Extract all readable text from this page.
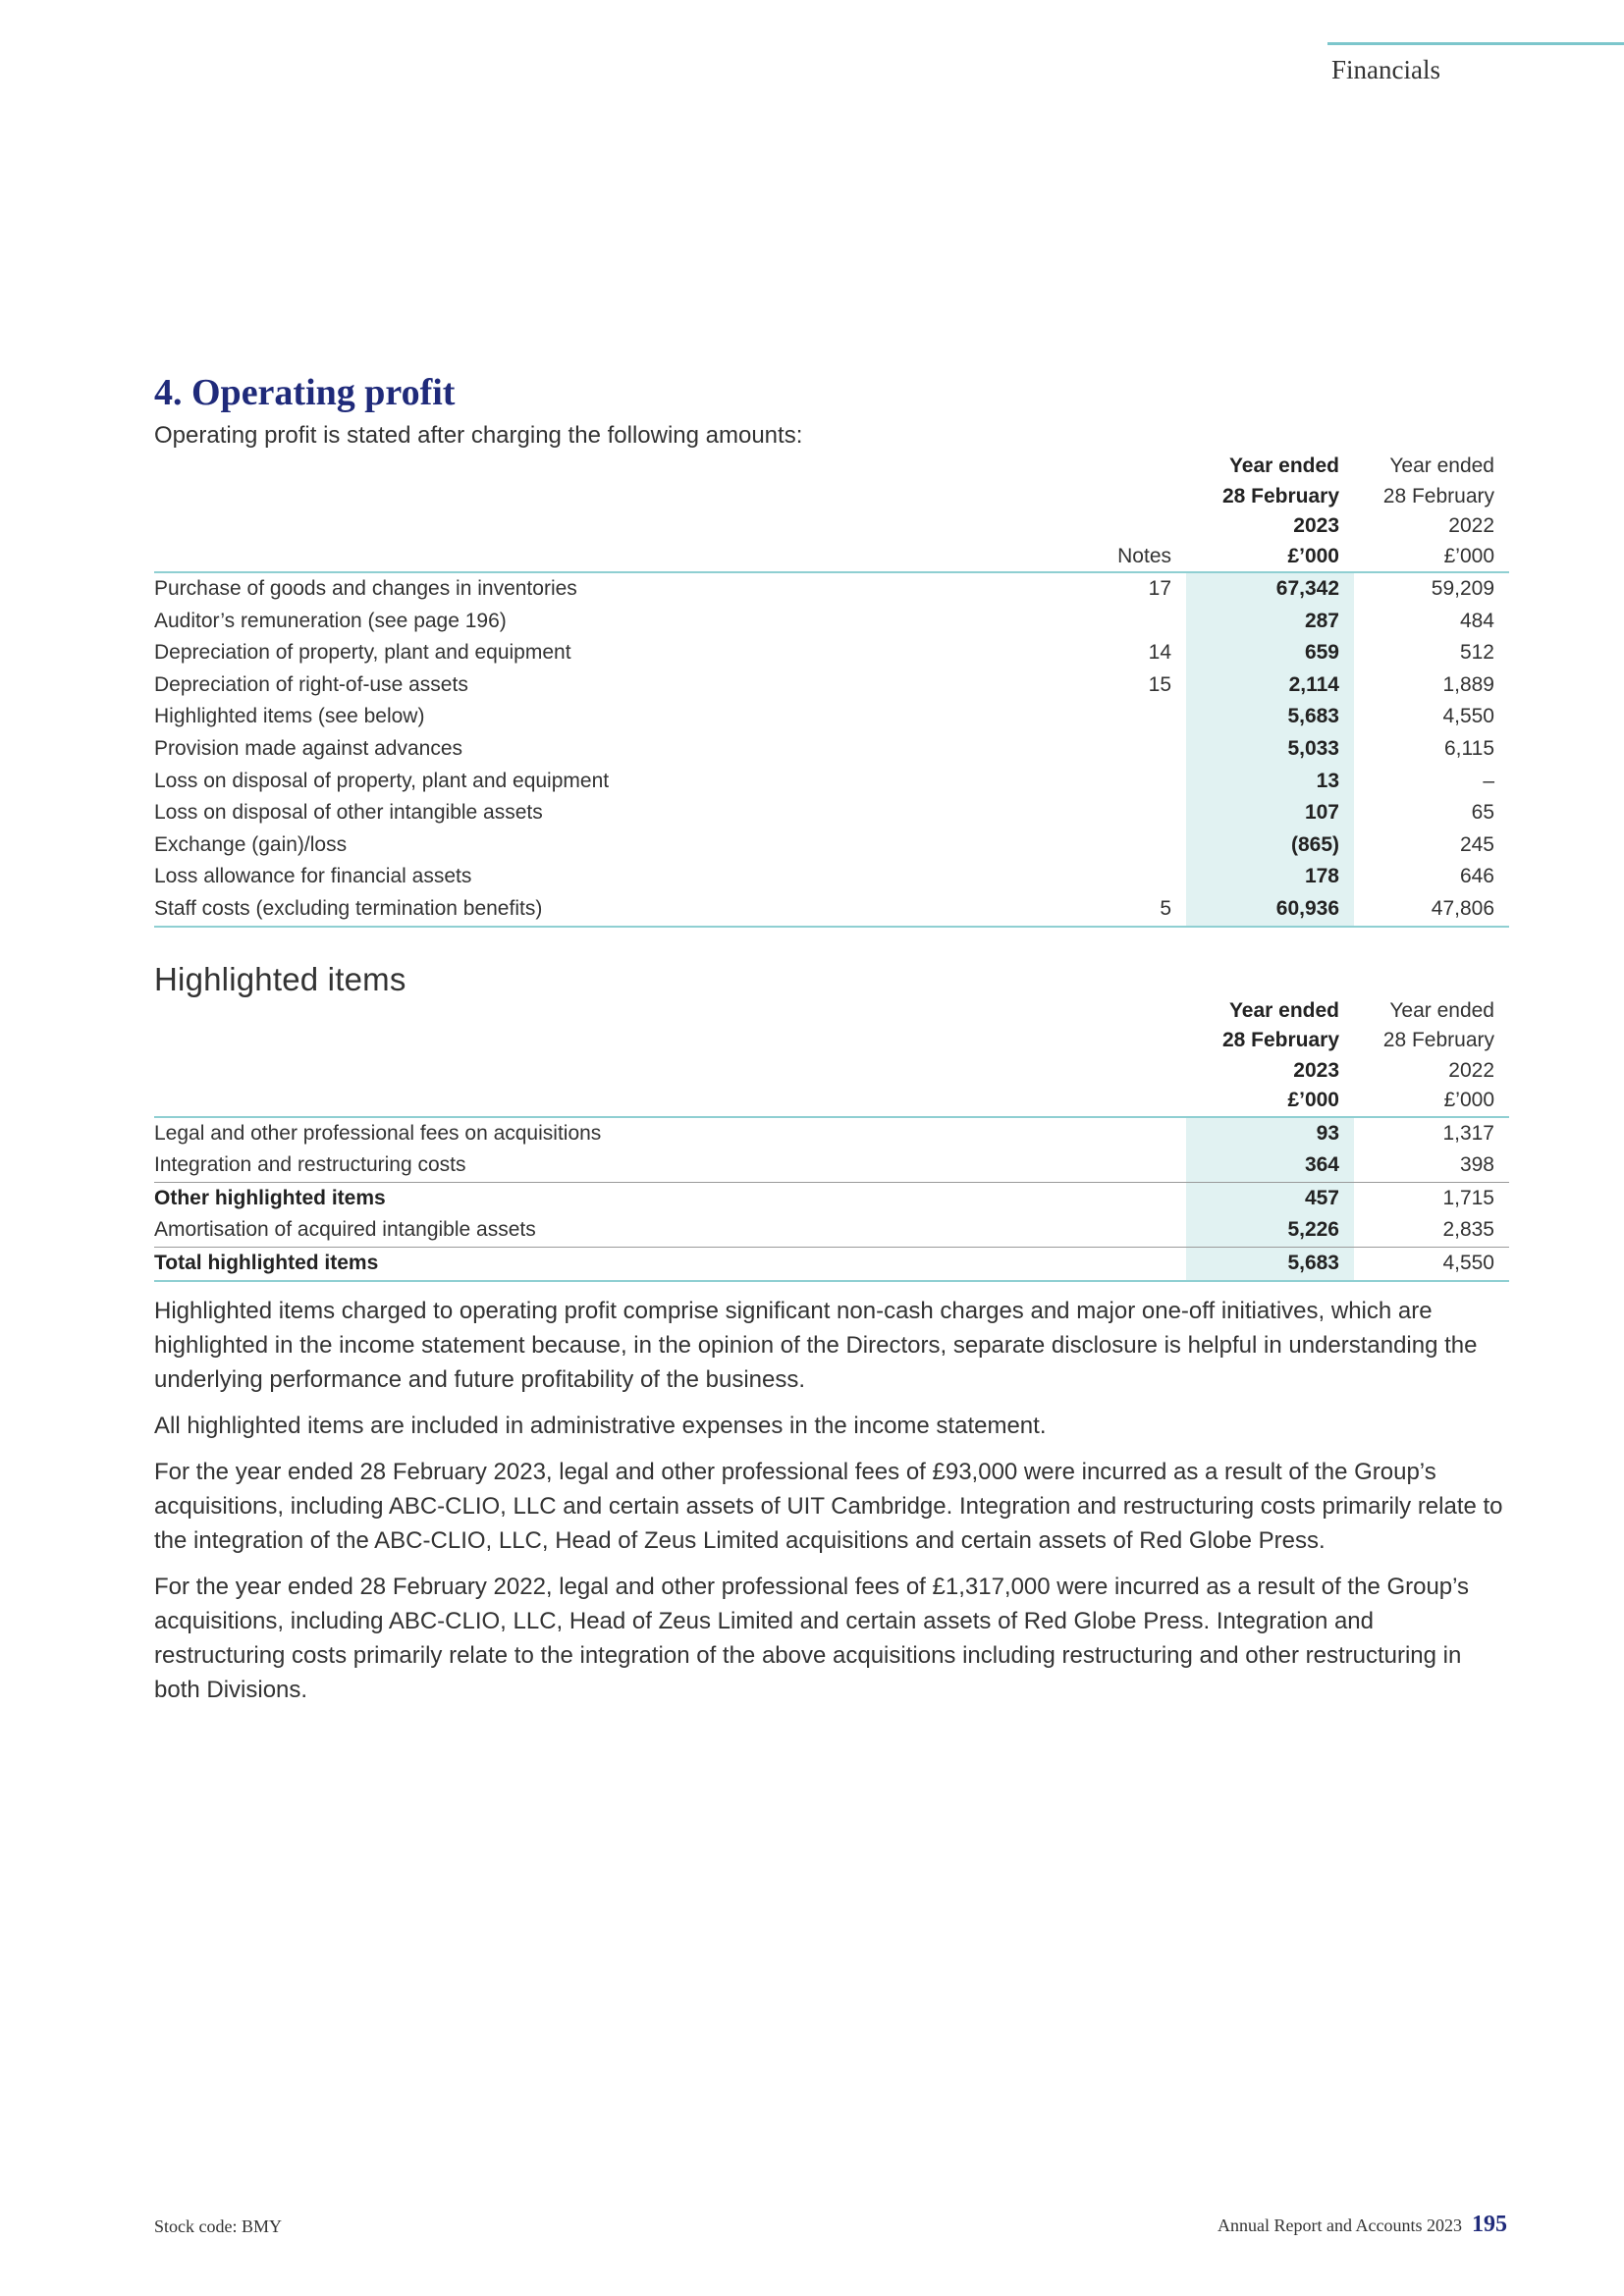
Financials
4. Operating profit

Operating profit is stated after charging the following amounts:

		Year ended	Year ended
		28 February	28 February
		2023	2022
	Notes	£’000	£’000
Purchase of goods and changes in inventories	17	67,342	59,209
Auditor’s remuneration (see page 196)		287	484
Depreciation of property, plant and equipment	14	659	512
Depreciation of right-of-use assets	15	2,114	1,889
Highlighted items (see below)		5,683	4,550
Provision made against advances		5,033	6,115
Loss on disposal of property, plant and equipment		13	–
Loss on disposal of other intangible assets		107	65
Exchange (gain)/loss		(865)	245
Loss allowance for financial assets		178	646
Staff costs (excluding termination benefits)	5	60,936	47,806
Highlighted items
		Year ended	Year ended
		28 February	28 February
		2023	2022
		£’000	£’000
Legal and other professional fees on acquisitions		93	1,317
Integration and restructuring costs		364	398
Other highlighted items		457	1,715
Amortisation of acquired intangible assets		5,226	2,835
Total highlighted items		5,683	4,550

Highlighted items charged to operating profit comprise significant non-cash charges and major one-off initiatives, which are highlighted in the income statement because, in the opinion of the Directors, separate disclosure is helpful in understanding the underlying performance and future profitability of the business.

All highlighted items are included in administrative expenses in the income statement.

For the year ended 28 February 2023, legal and other professional fees of £93,000 were incurred as a result of the Group’s acquisitions, including ABC-CLIO, LLC and certain assets of UIT Cambridge. Integration and restructuring costs primarily relate to the integration of the ABC-CLIO, LLC, Head of Zeus Limited acquisitions and certain assets of Red Globe Press.

For the year ended 28 February 2022, legal and other professional fees of £1,317,000 were incurred as a result of the Group’s acquisitions, including ABC-CLIO, LLC, Head of Zeus Limited and certain assets of Red Globe Press. Integration and restructuring costs primarily relate to the integration of the above acquisitions including restructuring and other restructuring in both Divisions.

Stock code: BMY	Annual Report and Accounts 2023 195
